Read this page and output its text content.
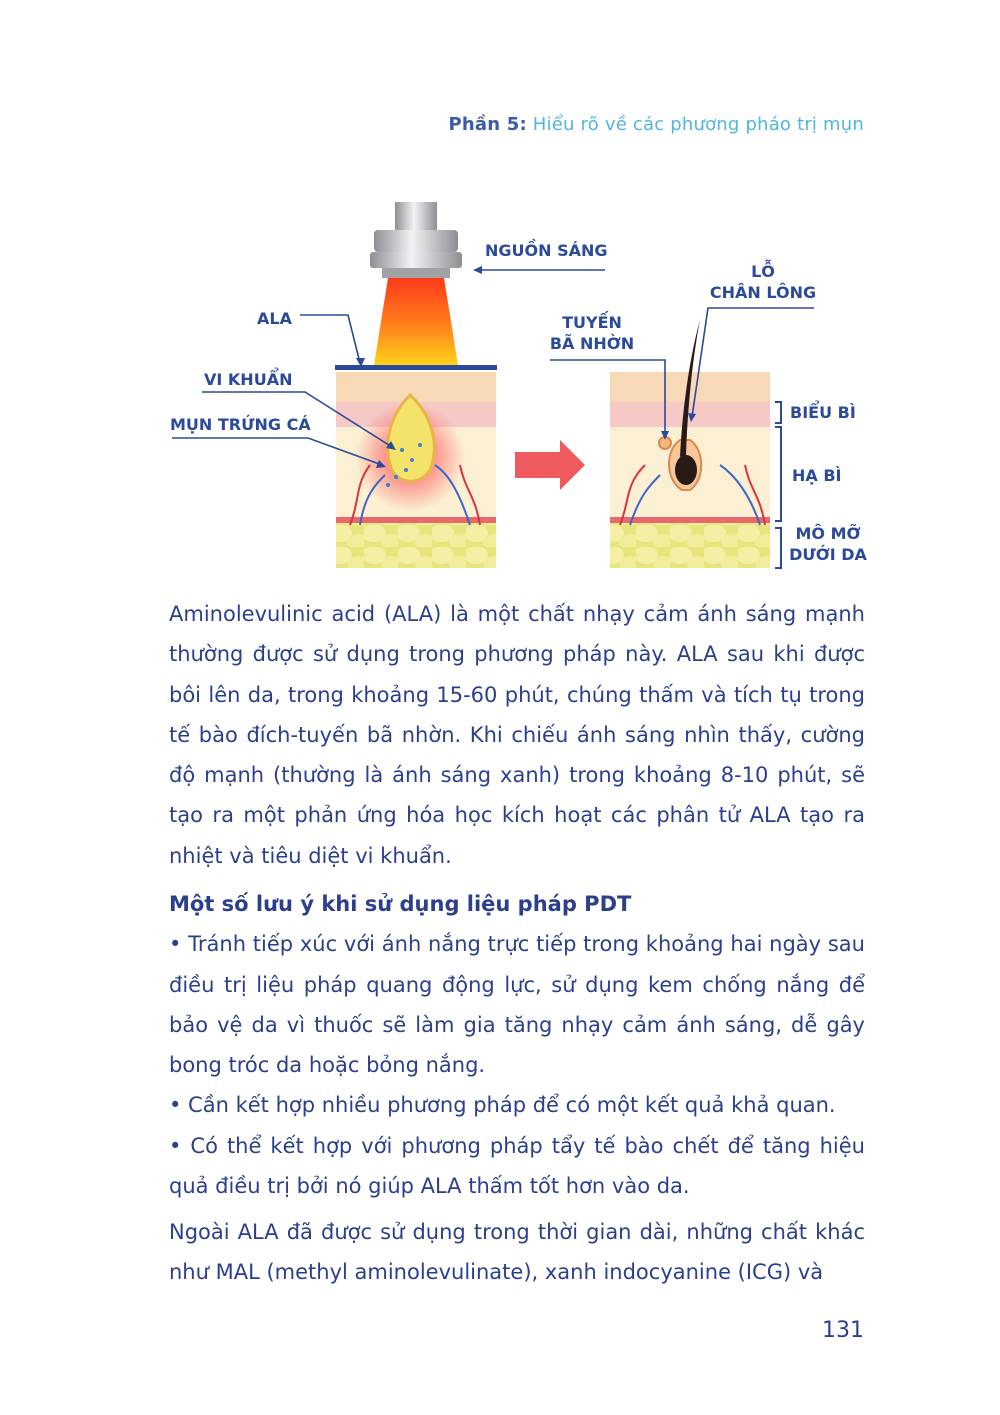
Phần 5: Hiểu rõ về các phương pháo trị mụn
NGUỒN SÁNG
ALA
VI KHUẨN
MỤN TRỨNG CÁ
TUYẾN
BÃ NHỜN
LỖ
CHÂN LÔNG
BIỂU BÌ
HẠ BÌ
MÔ MỠ
DƯỚI DA

Aminolevulinic acid (ALA) là một chất nhạy cảm ánh sáng mạnh thường được sử dụng trong phương pháp này. ALA sau khi được bôi lên da, trong khoảng 15-60 phút, chúng thấm và tích tụ trong tế bào đích-tuyến bã nhờn. Khi chiếu ánh sáng nhìn thấy, cường độ mạnh (thường là ánh sáng xanh) trong khoảng 8-10 phút, sẽ tạo ra một phản ứng hóa học kích hoạt các phân tử ALA tạo ra nhiệt và tiêu diệt vi khuẩn.

Một số lưu ý khi sử dụng liệu pháp PDT

• Tránh tiếp xúc với ánh nắng trực tiếp trong khoảng hai ngày sau điều trị liệu pháp quang động lực, sử dụng kem chống nắng để bảo vệ da vì thuốc sẽ làm gia tăng nhạy cảm ánh sáng, dễ gây bong tróc da hoặc bỏng nắng.

• Cần kết hợp nhiều phương pháp để có một kết quả khả quan.

• Có thể kết hợp với phương pháp tẩy tế bào chết để tăng hiệu quả điều trị bởi nó giúp ALA thấm tốt hơn vào da.

Ngoài ALA đã được sử dụng trong thời gian dài, những chất khác như MAL (methyl aminolevulinate), xanh indocyanine (ICG) và

131
